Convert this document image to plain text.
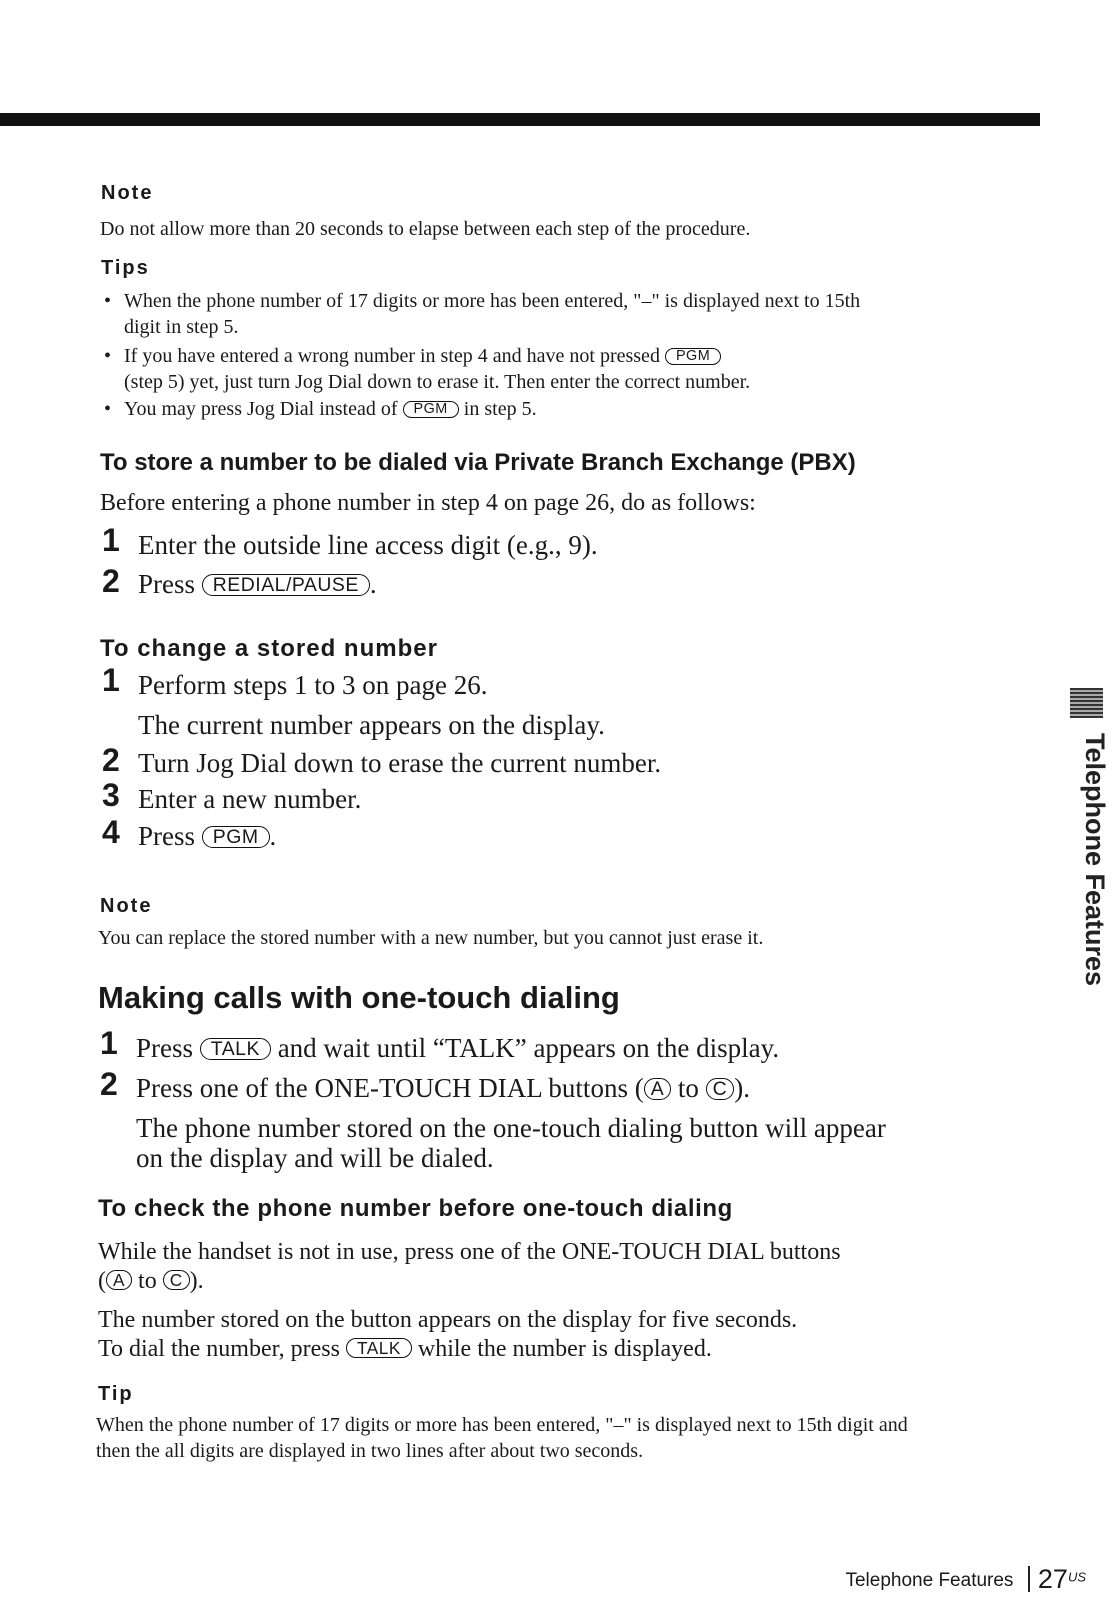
Note
Do not allow more than 20 seconds to elapse between each step of the procedure.
Tips
• When the phone number of 17 digits or more has been entered, "–" is displayed next to 15th digit in step 5.
• If you have entered a wrong number in step 4 and have not pressed PGM
(step 5) yet, just turn Jog Dial down to erase it. Then enter the correct number.
• You may press Jog Dial instead of PGM in step 5.
To store a number to be dialed via Private Branch Exchange (PBX)
Before entering a phone number in step 4 on page 26, do as follows:
1 Enter the outside line access digit (e.g., 9).
2 Press REDIAL/PAUSE .
To change a stored number
1 Perform steps 1 to 3 on page 26.
The current number appears on the display.
2 Turn Jog Dial down to erase the current number.
3 Enter a new number.
4 Press PGM .
Note
You can replace the stored number with a new number, but you cannot just erase it.
Making calls with one-touch dialing
1 Press TALK and wait until “TALK” appears on the display.
2 Press one of the ONE-TOUCH DIAL buttons ( A to C ).
The phone number stored on the one-touch dialing button will appear on the display and will be dialed.
To check the phone number before one-touch dialing
While the handset is not in use, press one of the ONE-TOUCH DIAL buttons ( A to C ).
The number stored on the button appears on the display for five seconds.
To dial the number, press TALK while the number is displayed.
Tip
When the phone number of 17 digits or more has been entered, "–" is displayed next to 15th digit and then the all digits are displayed in two lines after about two seconds.
Telephone Features
Telephone Features $27^{US}$
